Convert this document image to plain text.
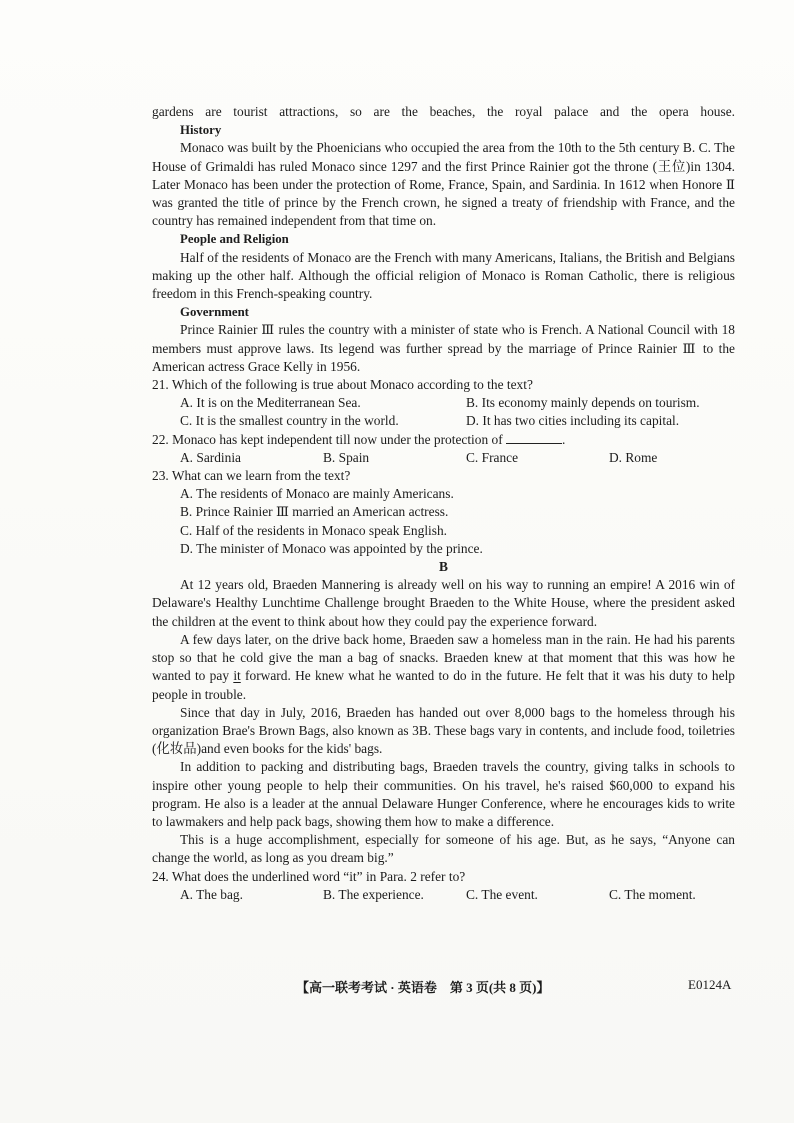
gardens are tourist attractions, so are the beaches, the royal palace and the opera house.

History

Monaco was built by the Phoenicians who occupied the area from the 10th to the 5th century B. C. The House of Grimaldi has ruled Monaco since 1297 and the first Prince Rainier got the throne (王位)in 1304. Later Monaco has been under the protection of Rome, France, Spain, and Sardinia. In 1612 when Honore Ⅱ was granted the title of prince by the French crown, he signed a treaty of friendship with France, and the country has remained independent from that time on.

People and Religion

Half of the residents of Monaco are the French with many Americans, Italians, the British and Belgians making up the other half. Although the official religion of Monaco is Roman Catholic, there is religious freedom in this French-speaking country.

Government

Prince Rainier Ⅲ rules the country with a minister of state who is French. A National Council with 18 members must approve laws. Its legend was further spread by the marriage of Prince Rainier Ⅲ to the American actress Grace Kelly in 1956.

21. Which of the following is true about Monaco according to the text?

A. It is on the Mediterranean Sea.	B. Its economy mainly depends on tourism.
C. It is the smallest country in the world.	D. It has two cities including its capital.

22. Monaco has kept independent till now under the protection of	.

A. Sardinia	B. Spain	C. France	D. Rome

23. What can we learn from the text?

A. The residents of Monaco are mainly Americans.

B. Prince Rainier Ⅲ married an American actress.

C. Half of the residents in Monaco speak English.

D. The minister of Monaco was appointed by the prince.

B

At 12 years old, Braeden Mannering is already well on his way to running an empire! A 2016 win of Delaware's Healthy Lunchtime Challenge brought Braeden to the White House, where the president asked the children at the event to think about how they could pay the experience forward.

A few days later, on the drive back home, Braeden saw a homeless man in the rain. He had his parents stop so that he cold give the man a bag of snacks. Braeden knew at that moment that this was how he wanted to pay it forward. He knew what he wanted to do in the future. He felt that it was his duty to help people in trouble.

Since that day in July, 2016, Braeden has handed out over 8,000 bags to the homeless through his organization Brae's Brown Bags, also known as 3B. These bags vary in contents, and include food, toiletries (化妆品)and even books for the kids' bags.

In addition to packing and distributing bags, Braeden travels the country, giving talks in schools to inspire other young people to help their communities. On his travel, he's raised $60,000 to expand his program. He also is a leader at the annual Delaware Hunger Conference, where he encourages kids to write to lawmakers and help pack bags, showing them how to make a difference.

This is a huge accomplishment, especially for someone of his age. But, as he says, “Anyone can change the world, as long as you dream big.”

24. What does the underlined word “it” in Para. 2 refer to?

A. The bag.	B. The experience.	C. The event.	C. The moment.
【高一联考考试 · 英语卷　第 3 页(共 8 页)】	E0124A
